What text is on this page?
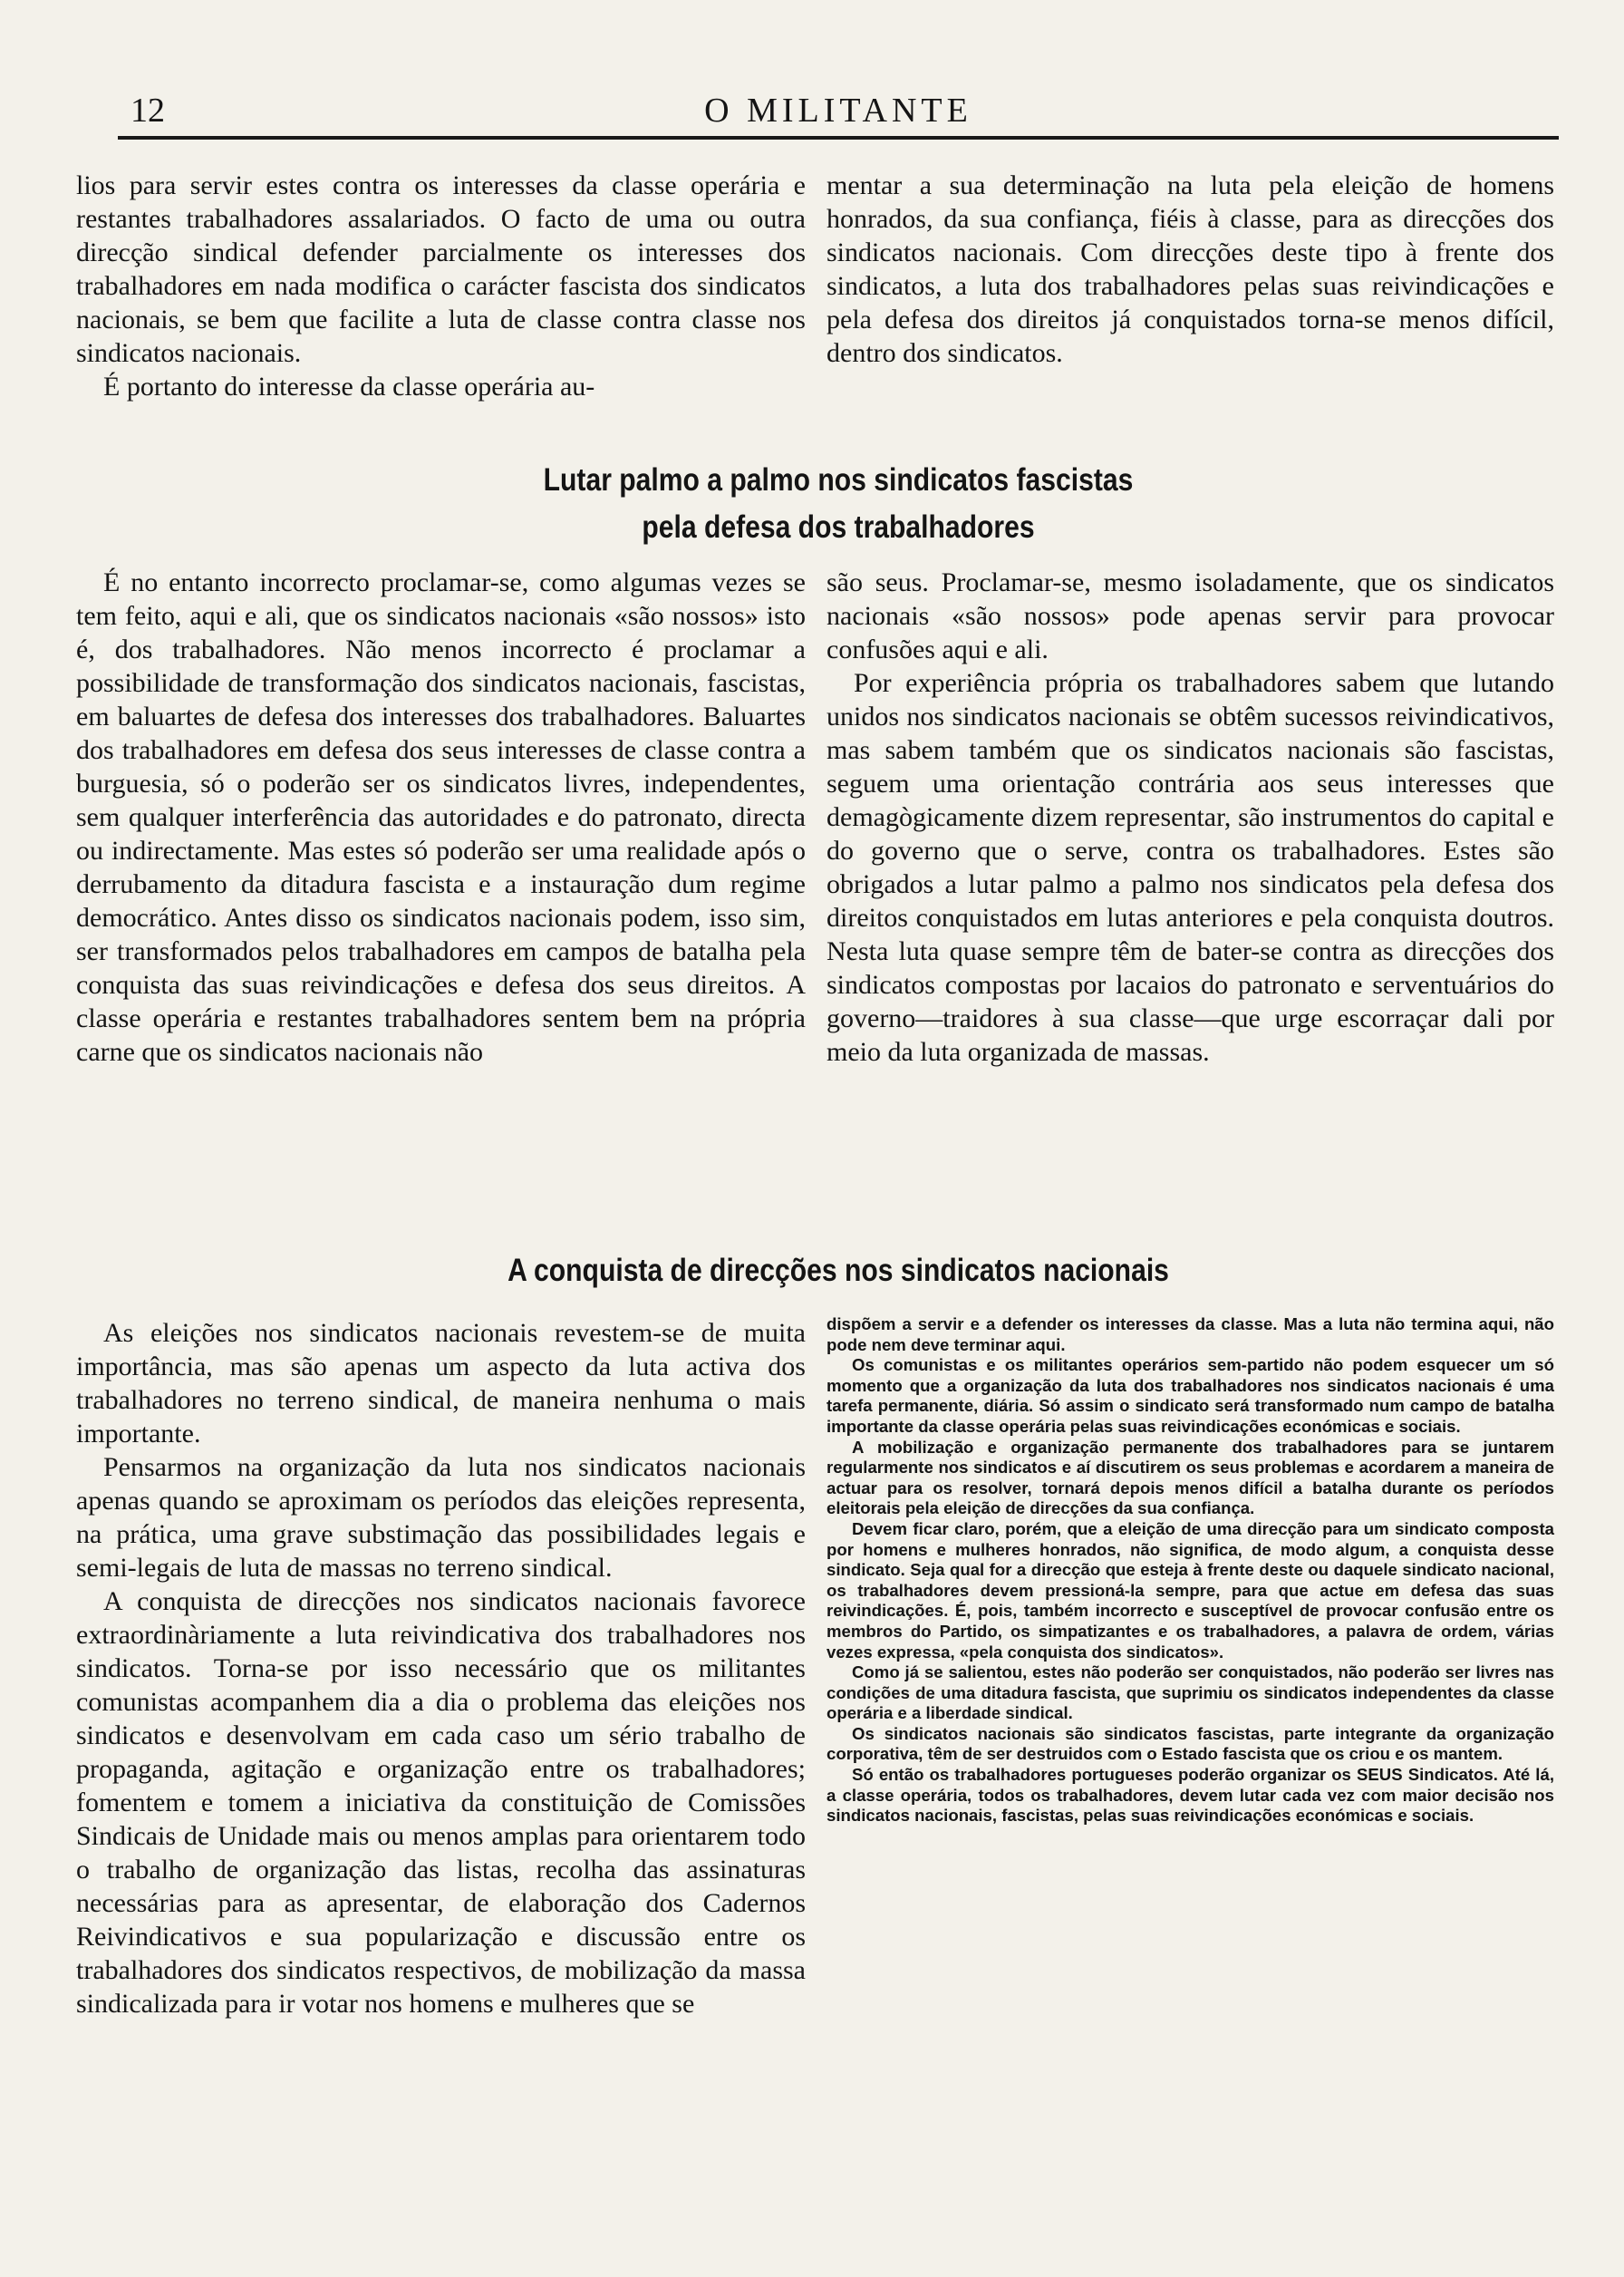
12	O MILITANTE

lios para servir estes contra os interesses da classe operária e restantes trabalhadores assalariados. O facto de uma ou outra direcção sindical defender parcialmente os interesses dos trabalhadores em nada modifica o carácter fascista dos sindicatos nacionais, se bem que facilite a luta de classe contra classe nos sindicatos nacionais.

É portanto do interesse da classe operária au-

mentar a sua determinação na luta pela eleição de homens honrados, da sua confiança, fiéis à classe, para as direcções dos sindicatos nacionais. Com direcções deste tipo à frente dos sindicatos, a luta dos trabalhadores pelas suas reivindicações e pela defesa dos direitos já conquistados torna-se menos difícil, dentro dos sindicatos.

Lutar palmo a palmo nos sindicatos fascistas
pela defesa dos trabalhadores

É no entanto incorrecto proclamar-se, como algumas vezes se tem feito, aqui e ali, que os sindicatos nacionais «são nossos» isto é, dos trabalhadores. Não menos incorrecto é proclamar a possibilidade de transformação dos sindicatos nacionais, fascistas, em baluartes de defesa dos interesses dos trabalhadores. Baluartes dos trabalhadores em defesa dos seus interesses de classe contra a burguesia, só o poderão ser os sindicatos livres, independentes, sem qualquer interferência das autoridades e do patronato, directa ou indirectamente. Mas estes só poderão ser uma realidade após o derrubamento da ditadura fascista e a instauração dum regime democrático. Antes disso os sindicatos nacionais podem, isso sim, ser transformados pelos trabalhadores em campos de batalha pela conquista das suas reivindicações e defesa dos seus direitos. A classe operária e restantes trabalhadores sentem bem na própria carne que os sindicatos nacionais não

são seus. Proclamar-se, mesmo isoladamente, que os sindicatos nacionais «são nossos» pode apenas servir para provocar confusões aqui e ali.

Por experiência própria os trabalhadores sabem que lutando unidos nos sindicatos nacionais se obtêm sucessos reivindicativos, mas sabem também que os sindicatos nacionais são fascistas, seguem uma orientação contrária aos seus interesses que demagògicamente dizem representar, são instrumentos do capital e do governo que o serve, contra os trabalhadores. Estes são obrigados a lutar palmo a palmo nos sindicatos pela defesa dos direitos conquistados em lutas anteriores e pela conquista doutros. Nesta luta quase sempre têm de bater-se contra as direcções dos sindicatos compostas por lacaios do patronato e serventuários do governo—traidores à sua classe—que urge escorraçar dali por meio da luta organizada de massas.

A conquista de direcções nos sindicatos nacionais

As eleições nos sindicatos nacionais revestem-se de muita importância, mas são apenas um aspecto da luta activa dos trabalhadores no terreno sindical, de maneira nenhuma o mais importante.

Pensarmos na organização da luta nos sindicatos nacionais apenas quando se aproximam os períodos das eleições representa, na prática, uma grave substimação das possibilidades legais e semi-legais de luta de massas no terreno sindical.

A conquista de direcções nos sindicatos nacionais favorece extraordinàriamente a luta reivindicativa dos trabalhadores nos sindicatos. Torna-se por isso necessário que os militantes comunistas acompanhem dia a dia o problema das eleições nos sindicatos e desenvolvam em cada caso um sério trabalho de propaganda, agitação e organização entre os trabalhadores; fomentem e tomem a iniciativa da constituição de Comissões Sindicais de Unidade mais ou menos amplas para orientarem todo o trabalho de organização das listas, recolha das assinaturas necessárias para as apresentar, de elaboração dos Cadernos Reivindicativos e sua popularização e discussão entre os trabalhadores dos sindicatos respectivos, de mobilização da massa sindicalizada para ir votar nos homens e mulheres que se

dispõem a servir e a defender os interesses da classe. Mas a luta não termina aqui, não pode nem deve terminar aqui.

Os comunistas e os militantes operários sem-partido não podem esquecer um só momento que a organização da luta dos trabalhadores nos sindicatos nacionais é uma tarefa permanente, diária. Só assim o sindicato será transformado num campo de batalha importante da classe operária pelas suas reivindicações económicas e sociais.

A mobilização e organização permanente dos trabalhadores para se juntarem regularmente nos sindicatos e aí discutirem os seus problemas e acordarem a maneira de actuar para os resolver, tornará depois menos difícil a batalha durante os períodos eleitorais pela eleição de direcções da sua confiança.

Devem ficar claro, porém, que a eleição de uma direcção para um sindicato composta por homens e mulheres honrados, não significa, de modo algum, a conquista desse sindicato. Seja qual for a direcção que esteja à frente deste ou daquele sindicato nacional, os trabalhadores devem pressioná-la sempre, para que actue em defesa das suas reivindicações. É, pois, também incorrecto e susceptível de provocar confusão entre os membros do Partido, os simpatizantes e os trabalhadores, a palavra de ordem, várias vezes expressa, «pela conquista dos sindicatos».

Como já se salientou, estes não poderão ser conquistados, não poderão ser livres nas condições de uma ditadura fascista, que suprimiu os sindicatos independentes da classe operária e a liberdade sindical.

Os sindicatos nacionais são sindicatos fascistas, parte integrante da organização corporativa, têm de ser destruidos com o Estado fascista que os criou e os mantem.

Só então os trabalhadores portugueses poderão organizar os SEUS Sindicatos. Até lá, a classe operária, todos os trabalhadores, devem lutar cada vez com maior decisão nos sindicatos nacionais, fascistas, pelas suas reivindicações económicas e sociais.
